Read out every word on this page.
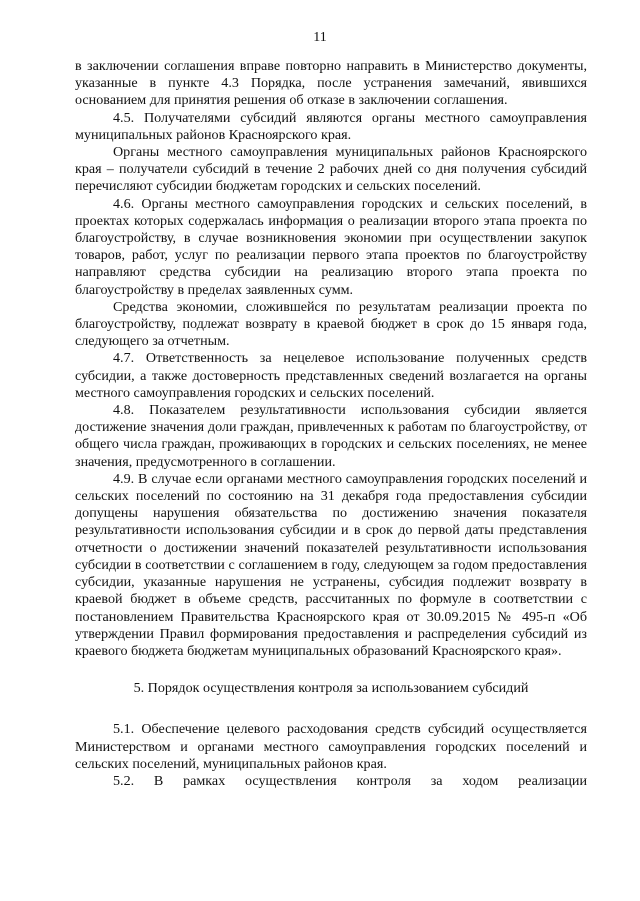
11

в заключении соглашения вправе повторно направить в Министерство документы, указанные в пункте 4.3 Порядка, после устранения замечаний, явившихся основанием для принятия решения об отказе в заключении соглашения.

4.5. Получателями субсидий являются органы местного самоуправления муниципальных районов Красноярского края.

Органы местного самоуправления муниципальных районов Красноярского края – получатели субсидий в течение 2 рабочих дней со дня получения субсидий перечисляют субсидии бюджетам городских и сельских поселений.

4.6. Органы местного самоуправления городских и сельских поселений, в проектах которых содержалась информация о реализации второго этапа проекта по благоустройству, в случае возникновения экономии при осуществлении закупок товаров, работ, услуг по реализации первого этапа проектов по благоустройству направляют средства субсидии на реализацию второго этапа проекта по благоустройству в пределах заявленных сумм.

Средства экономии, сложившейся по результатам реализации проекта по благоустройству, подлежат возврату в краевой бюджет в срок до 15 января года, следующего за отчетным.

4.7. Ответственность за нецелевое использование полученных средств субсидии, а также достоверность представленных сведений возлагается на органы местного самоуправления городских и сельских поселений.

4.8. Показателем результативности использования субсидии является достижение значения доли граждан, привлеченных к работам по благоустройству, от общего числа граждан, проживающих в городских и сельских поселениях, не менее значения, предусмотренного в соглашении.

4.9. В случае если органами местного самоуправления городских поселений и сельских поселений по состоянию на 31 декабря года предоставления субсидии допущены нарушения обязательства по достижению значения показателя результативности использования субсидии и в срок до первой даты представления отчетности о достижении значений показателей результативности использования субсидии в соответствии с соглашением в году, следующем за годом предоставления субсидии, указанные нарушения не устранены, субсидия подлежит возврату в краевой бюджет в объеме средств, рассчитанных по формуле в соответствии с постановлением Правительства Красноярского края от 30.09.2015 № 495-п «Об утверждении Правил формирования предоставления и распределения субсидий из краевого бюджета бюджетам муниципальных образований Красноярского края».

5. Порядок осуществления контроля за использованием субсидий

5.1. Обеспечение целевого расходования средств субсидий осуществляется Министерством и органами местного самоуправления городских поселений и сельских поселений, муниципальных районов края.

5.2. В рамках осуществления контроля за ходом реализации
